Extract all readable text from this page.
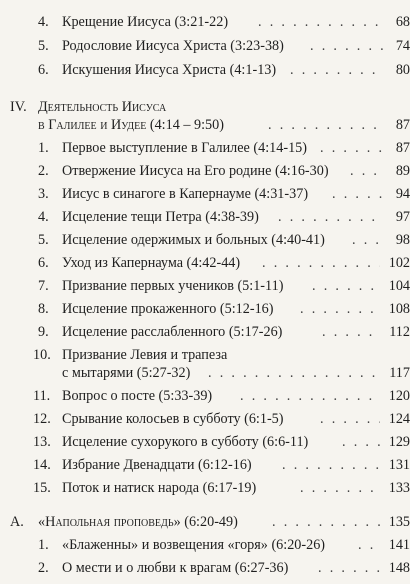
4. Крещение Иисуса (3:21-22) . . .	68
5. Родословие Иисуса Христа (3:23-38) . . .	74
6. Искушения Иисуса Христа (4:1-13) . . .	80
IV. Деятельность Иисуса
в Галилее и Иудее (4:14 – 9:50) . . .	87
1. Первое выступление в Галилее (4:14-15) . . .	87
2. Отвержение Иисуса на Его родине (4:16-30) . . .	89
3. Иисус в синагоге в Капернауме (4:31-37) . . .	94
4. Исцеление тещи Петра (4:38-39) . . .	97
5. Исцеление одержимых и больных (4:40-41) . . .	98
6. Уход из Капернаума (4:42-44) . . .	102
7. Призвание первых учеников (5:1-11) . . .	104
8. Исцеление прокаженного (5:12-16) . . .	108
9. Исцеление расслабленного (5:17-26) . . .	112
10. Призвание Левия и трапеза
с мытарями (5:27-32) . . .	117
11. Вопрос о посте (5:33-39) . . .	120
12. Срывание колосьев в субботу (6:1-5) . . .	124
13. Исцеление сухорукого в субботу (6:6-11) . . .	129
14. Избрание Двенадцати (6:12-16) . . .	131
15. Поток и натиск народа (6:17-19) . . .	133
А. «Напольная проповедь» (6:20-49) . . .	135
1. «Блаженны» и возвещения «горя» (6:20-26) . . .	141
2. О мести и о любви к врагам (6:27-36) . . .	148
